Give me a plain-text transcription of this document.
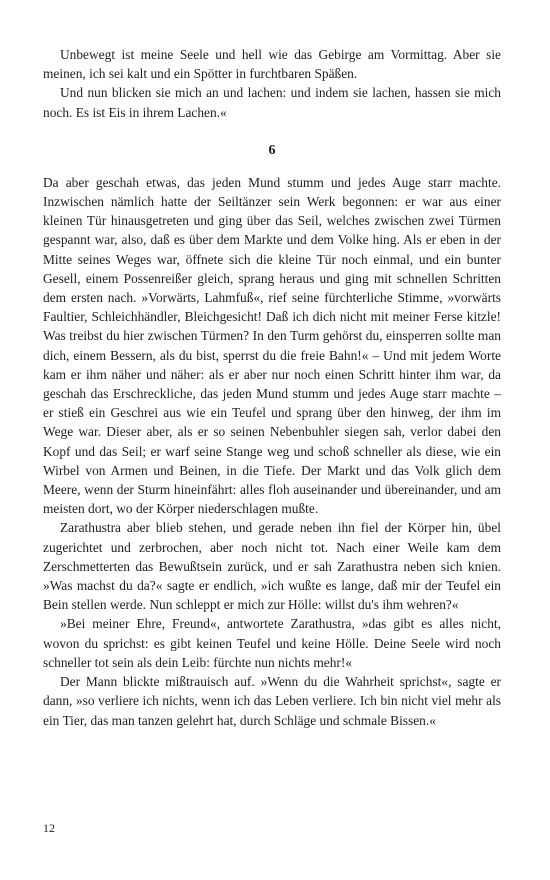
Unbewegt ist meine Seele und hell wie das Gebirge am Vormittag. Aber sie meinen, ich sei kalt und ein Spötter in furchtbaren Späßen.

Und nun blicken sie mich an und lachen: und indem sie lachen, hassen sie mich noch. Es ist Eis in ihrem Lachen.«

6

Da aber geschah etwas, das jeden Mund stumm und jedes Auge starr machte. Inzwischen nämlich hatte der Seiltänzer sein Werk begonnen: er war aus einer kleinen Tür hinausgetreten und ging über das Seil, welches zwischen zwei Türmen gespannt war, also, daß es über dem Markte und dem Volke hing. Als er eben in der Mitte seines Weges war, öffnete sich die kleine Tür noch einmal, und ein bunter Gesell, einem Possenreißer gleich, sprang heraus und ging mit schnellen Schritten dem ersten nach. »Vorwärts, Lahmfuß«, rief seine fürchterliche Stimme, »vorwärts Faultier, Schleichhändler, Bleichgesicht! Daß ich dich nicht mit meiner Ferse kitzle! Was treibst du hier zwischen Türmen? In den Turm gehörst du, einsperren sollte man dich, einem Bessern, als du bist, sperrst du die freie Bahn!« – Und mit jedem Worte kam er ihm näher und näher: als er aber nur noch einen Schritt hinter ihm war, da geschah das Erschreckliche, das jeden Mund stumm und jedes Auge starr machte – er stieß ein Geschrei aus wie ein Teufel und sprang über den hinweg, der ihm im Wege war. Dieser aber, als er so seinen Nebenbuhler siegen sah, verlor dabei den Kopf und das Seil; er warf seine Stange weg und schoß schneller als diese, wie ein Wirbel von Armen und Beinen, in die Tiefe. Der Markt und das Volk glich dem Meere, wenn der Sturm hineinfährt: alles floh auseinander und übereinander, und am meisten dort, wo der Körper niederschlagen mußte.

Zarathustra aber blieb stehen, und gerade neben ihn fiel der Körper hin, übel zugerichtet und zerbrochen, aber noch nicht tot. Nach einer Weile kam dem Zerschmetterten das Bewußtsein zurück, und er sah Zarathustra neben sich knien. »Was machst du da?« sagte er endlich, »ich wußte es lange, daß mir der Teufel ein Bein stellen werde. Nun schleppt er mich zur Hölle: willst du's ihm wehren?«

»Bei meiner Ehre, Freund«, antwortete Zarathustra, »das gibt es alles nicht, wovon du sprichst: es gibt keinen Teufel und keine Hölle. Deine Seele wird noch schneller tot sein als dein Leib: fürchte nun nichts mehr!«

Der Mann blickte mißtrauisch auf. »Wenn du die Wahrheit sprichst«, sagte er dann, »so verliere ich nichts, wenn ich das Leben verliere. Ich bin nicht viel mehr als ein Tier, das man tanzen gelehrt hat, durch Schläge und schmale Bissen.«

12
